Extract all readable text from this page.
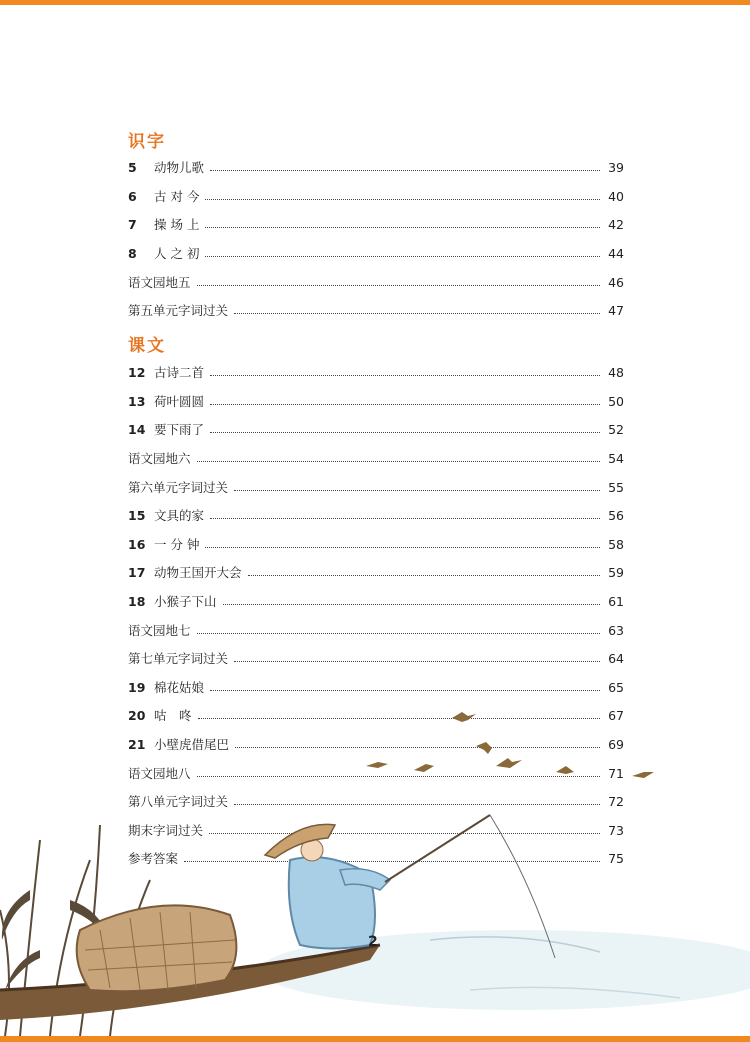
识字
5	动物儿歌	39
6	古 对 今	40
7	操 场 上	42
8	人 之 初	44
语文园地五	46
第五单元字词过关	47
课文
12 古诗二首	48
13 荷叶圆圆	50
14 要下雨了	52
语文园地六	54
第六单元字词过关	55
15 文具的家	56
16 一 分 钟	58
17 动物王国开大会	59
18 小猴子下山	61
语文园地七	63
第七单元字词过关	64
19 棉花姑娘	65
20 咕　咚	67
21 小壁虎借尾巴	69
语文园地八	71
第八单元字词过关	72
期末字词过关	73
参考答案	75
2
